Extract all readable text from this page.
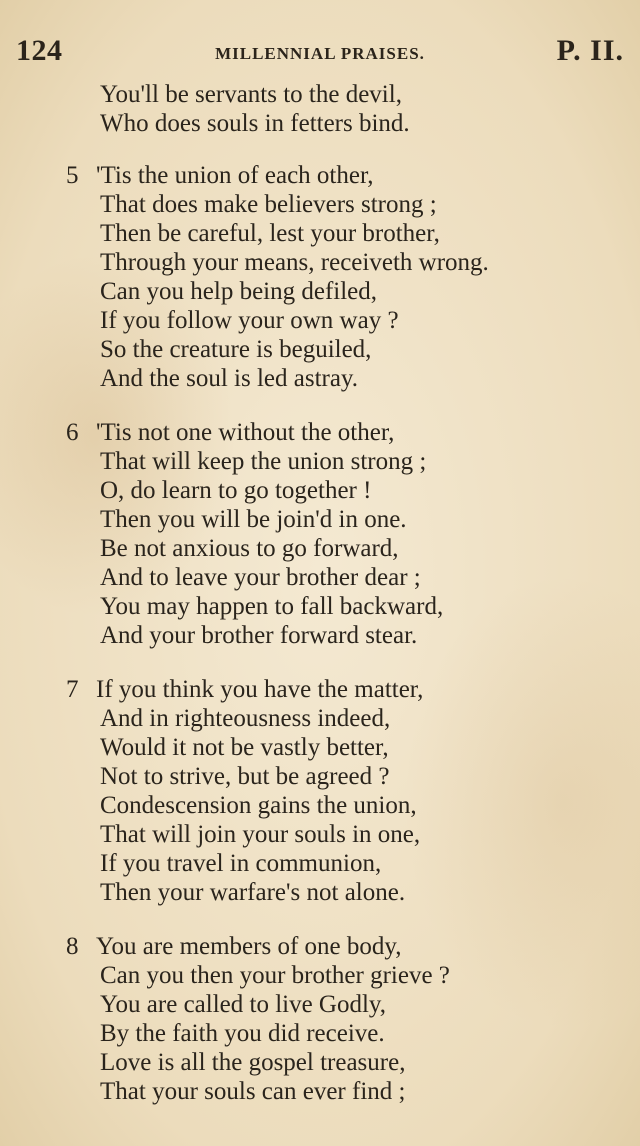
124	MILLENNIAL PRAISES.	P. II.
You'll be servants to the devil,
Who does souls in fetters bind.
5 'Tis the union of each other,
That does make believers strong ;
Then be careful, lest your brother,
Through your means, receiveth wrong.
Can you help being defiled,
If you follow your own way ?
So the creature is beguiled,
And the soul is led astray.
6 'Tis not one without the other,
That will keep the union strong ;
O, do learn to go together !
Then you will be join'd in one.
Be not anxious to go forward,
And to leave your brother dear ;
You may happen to fall backward,
And your brother forward stear.
7 If you think you have the matter,
And in righteousness indeed,
Would it not be vastly better,
Not to strive, but be agreed ?
Condescension gains the union,
That will join your souls in one,
If you travel in communion,
Then your warfare's not alone.
8 You are members of one body,
Can you then your brother grieve ?
You are called to live Godly,
By the faith you did receive.
Love is all the gospel treasure,
That your souls can ever find ;
